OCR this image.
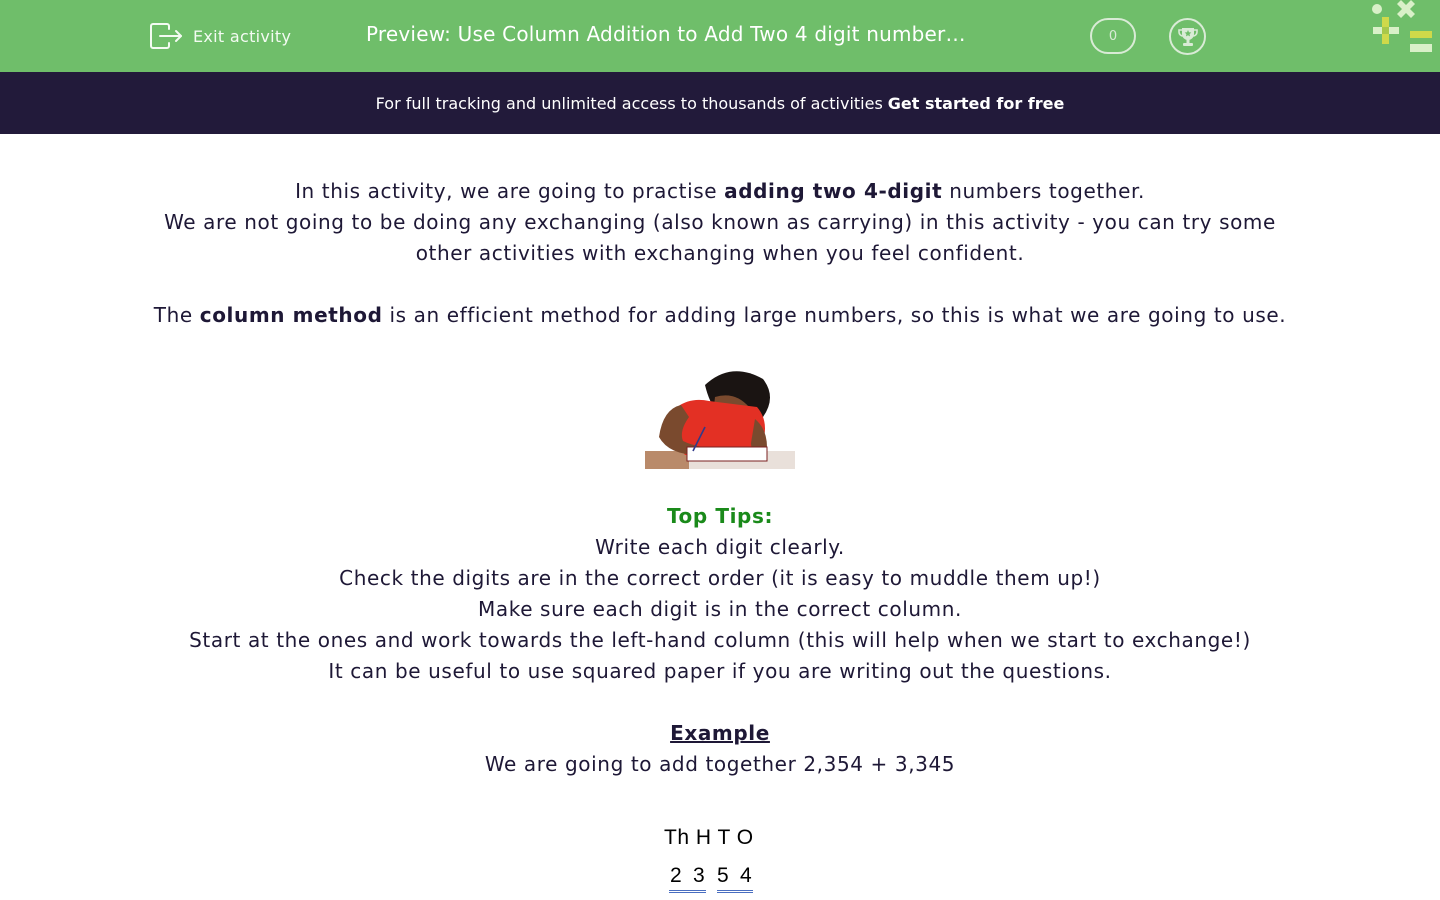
Exit activity	Preview: Use Column Addition to Add Two 4 digit number…	0
For full tracking and unlimited access to thousands of activities Get started for free

In this activity, we are going to practise adding two 4-digit numbers together.

We are not going to be doing any exchanging (also known as carrying) in this activity - you can try some

other activities with exchanging when you feel confident.

The column method is an efficient method for adding large numbers, so this is what we are going to use.

Top Tips:

Write each digit clearly.

Check the digits are in the correct order (it is easy to muddle them up!)

Make sure each digit is in the correct column.

Start at the ones and work towards the left-hand column (this will help when we start to exchange!)

It can be useful to use squared paper if you are writing out the questions.

Example

We are going to add together 2,354 + 3,345

Th H T O
2 3 5 4
